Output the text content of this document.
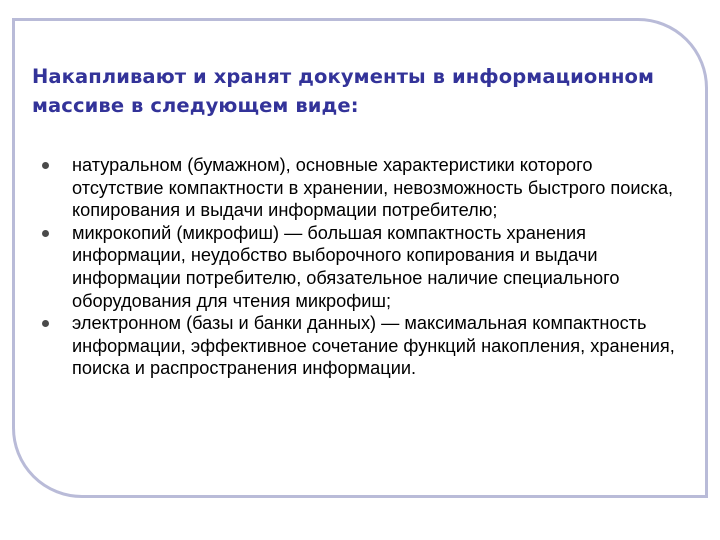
Накапливают и хранят документы в информационном массиве в следующем виде:
натуральном (бумажном), основные характеристики которого отсутствие компактности в хранении, невозможность быстрого поиска, копирования и выдачи информации потребителю;
микрокопий (микрофиш) — большая компактность хранения информации, неудобство выборочного копирования и выдачи информации потребителю, обязательное наличие специального оборудования для чтения микрофиш;
электронном (базы и банки данных) — максимальная компактность информации, эффективное сочетание функций накопления, хранения, поиска и распространения информации.
